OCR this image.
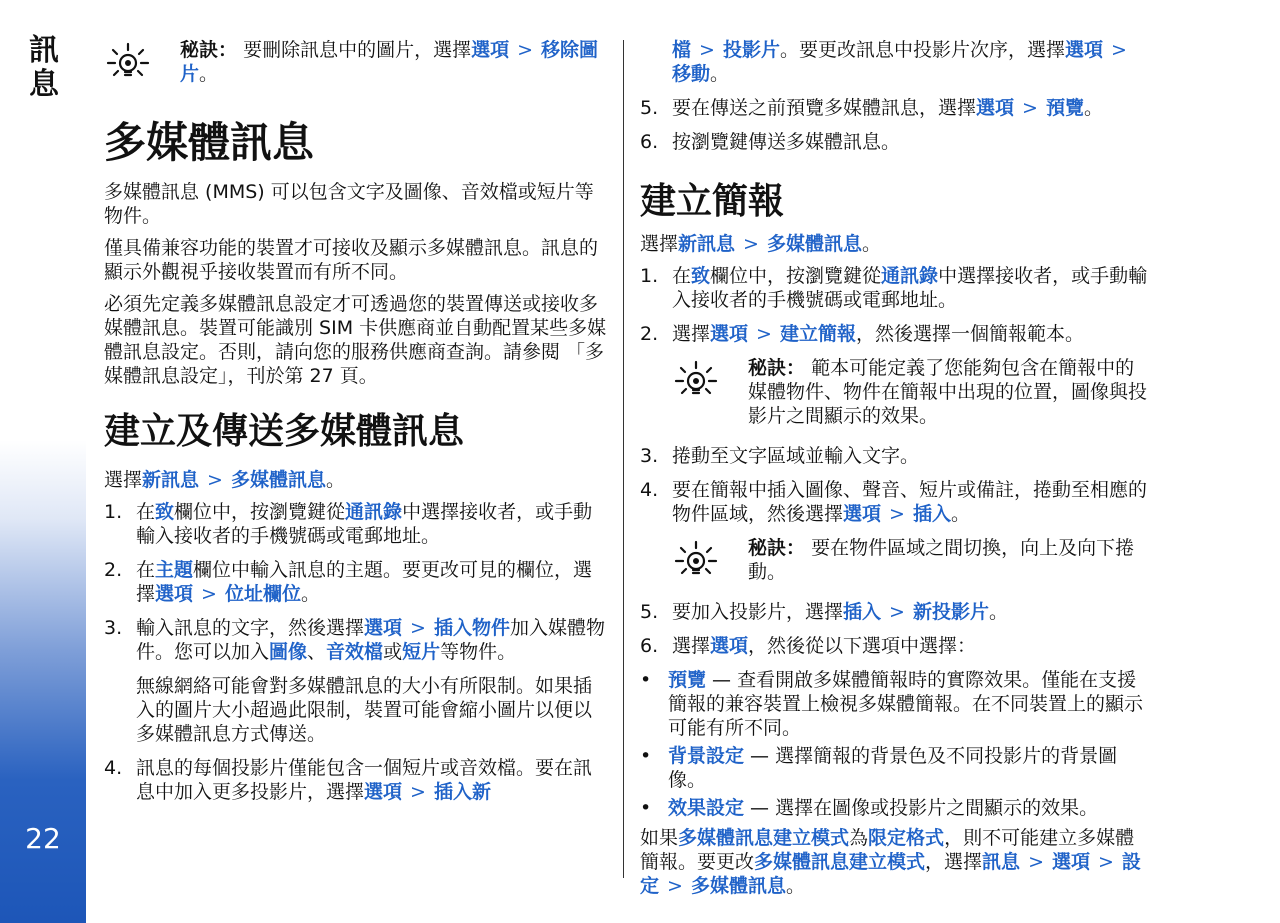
訊息
22
秘訣： 要刪除訊息中的圖片，選擇選項 > 移除圖片。
多媒體訊息

多媒體訊息 (MMS) 可以包含文字及圖像、音效檔或短片等物件。

僅具備兼容功能的裝置才可接收及顯示多媒體訊息。訊息的顯示外觀視乎接收裝置而有所不同。

必須先定義多媒體訊息設定才可透過您的裝置傳送或接收多媒體訊息。裝置可能識別 SIM 卡供應商並自動配置某些多媒體訊息設定。否則，請向您的服務供應商查詢。請參閱 「多媒體訊息設定」，刊於第 27 頁。

建立及傳送多媒體訊息

選擇新訊息 > 多媒體訊息。

1. 在致欄位中，按瀏覽鍵從通訊錄中選擇接收者，或手動輸入接收者的手機號碼或電郵地址。
2. 在主題欄位中輸入訊息的主題。要更改可見的欄位，選擇選項 > 位址欄位。
3. 輸入訊息的文字，然後選擇選項 > 插入物件加入媒體物件。您可以加入圖像、音效檔或短片等物件。

無線網絡可能會對多媒體訊息的大小有所限制。如果插入的圖片大小超過此限制，裝置可能會縮小圖片以便以多媒體訊息方式傳送。

4. 訊息的每個投影片僅能包含一個短片或音效檔。要在訊息中加入更多投影片，選擇選項 > 插入新
檔 > 投影片。要更改訊息中投影片次序，選擇選項 >移動。
5. 要在傳送之前預覽多媒體訊息，選擇選項 > 預覽。
6. 按瀏覽鍵傳送多媒體訊息。
建立簡報

選擇新訊息 > 多媒體訊息。

1. 在致欄位中，按瀏覽鍵從通訊錄中選擇接收者，或手動輸入接收者的手機號碼或電郵地址。
2. 選擇選項 > 建立簡報，然後選擇一個簡報範本。
秘訣： 範本可能定義了您能夠包含在簡報中的媒體物件、物件在簡報中出現的位置，圖像與投影片之間顯示的效果。
3. 捲動至文字區域並輸入文字。
4. 要在簡報中插入圖像、聲音、短片或備註，捲動至相應的物件區域，然後選擇選項 > 插入。
秘訣： 要在物件區域之間切換，向上及向下捲動。
5. 要加入投影片，選擇插入 > 新投影片。
6. 選擇選項，然後從以下選項中選擇：
• 預覽 — 查看開啟多媒體簡報時的實際效果。僅能在支援簡報的兼容裝置上檢視多媒體簡報。在不同裝置上的顯示可能有所不同。
• 背景設定 — 選擇簡報的背景色及不同投影片的背景圖像。
• 效果設定 — 選擇在圖像或投影片之間顯示的效果。

如果多媒體訊息建立模式為限定格式，則不可能建立多媒體簡報。要更改多媒體訊息建立模式，選擇訊息 > 選項 > 設定 > 多媒體訊息。
